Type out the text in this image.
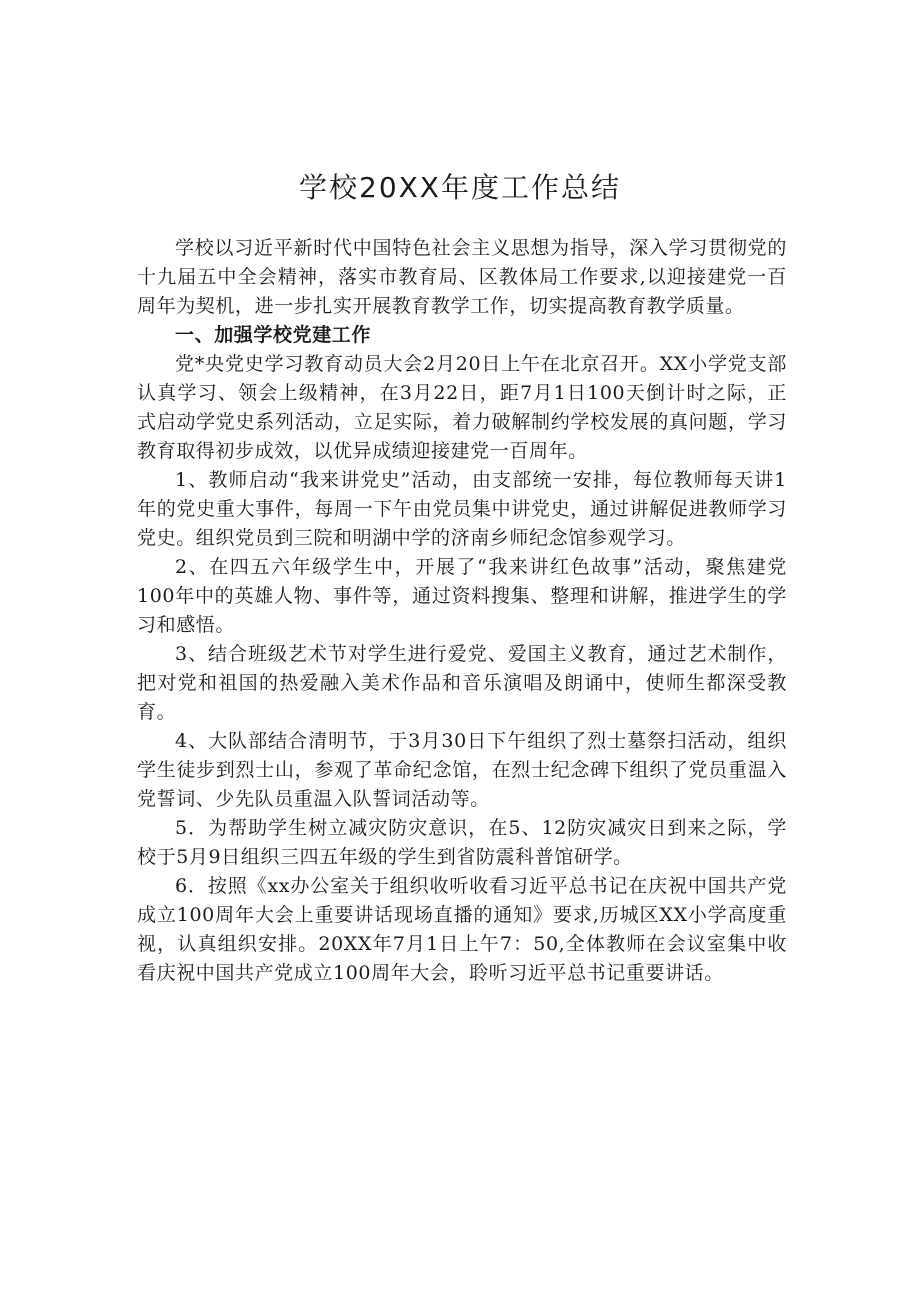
学校20XX年度工作总结

学校以习近平新时代中国特色社会主义思想为指导，深入学习贯彻党的十九届五中全会精神，落实市教育局、区教体局工作要求,以迎接建党一百周年为契机，进一步扎实开展教育教学工作，切实提高教育教学质量。

一、加强学校党建工作

党*央党史学习教育动员大会2月20日上午在北京召开。XX小学党支部认真学习、领会上级精神，在3月22日，距7月1日100天倒计时之际，正式启动学党史系列活动，立足实际，着力破解制约学校发展的真问题，学习教育取得初步成效，以优异成绩迎接建党一百周年。

1、教师启动“我来讲党史”活动，由支部统一安排，每位教师每天讲1年的党史重大事件，每周一下午由党员集中讲党史，通过讲解促进教师学习党史。组织党员到三院和明湖中学的济南乡师纪念馆参观学习。

2、在四五六年级学生中，开展了“我来讲红色故事”活动，聚焦建党100年中的英雄人物、事件等，通过资料搜集、整理和讲解，推进学生的学习和感悟。

3、结合班级艺术节对学生进行爱党、爱国主义教育，通过艺术制作，把对党和祖国的热爱融入美术作品和音乐演唱及朗诵中，使师生都深受教育。

4、大队部结合清明节，于3月30日下午组织了烈士墓祭扫活动，组织学生徒步到烈士山，参观了革命纪念馆，在烈士纪念碑下组织了党员重温入党誓词、少先队员重温入队誓词活动等。

5．为帮助学生树立减灾防灾意识，在5、12防灾减灾日到来之际，学校于5月9日组织三四五年级的学生到省防震科普馆研学。

6．按照《xx办公室关于组织收听收看习近平总书记在庆祝中国共产党成立100周年大会上重要讲话现场直播的通知》要求,历城区XX小学高度重视，认真组织安排。20XX年7月1日上午7：50,全体教师在会议室集中收看庆祝中国共产党成立100周年大会，聆听习近平总书记重要讲话。
